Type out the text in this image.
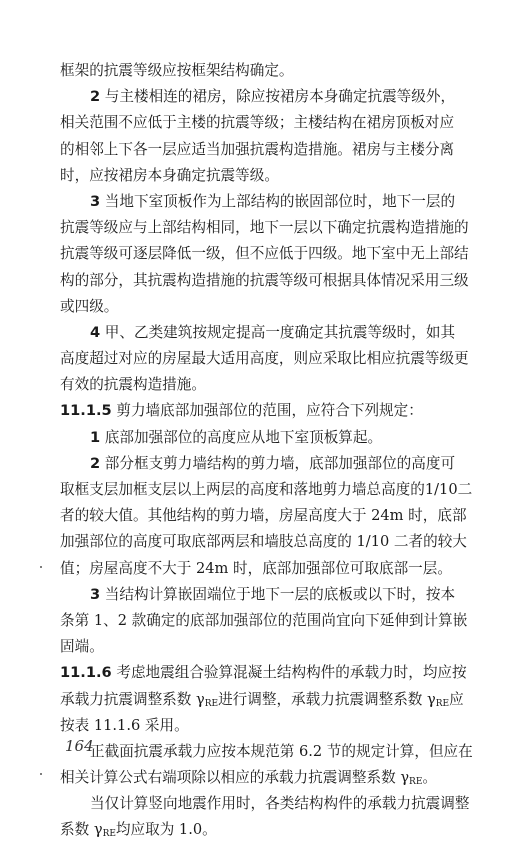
框架的抗震等级应按框架结构确定。
2 与主楼相连的裙房，除应按裙房本身确定抗震等级外，
相关范围不应低于主楼的抗震等级；主楼结构在裙房顶板对应
的相邻上下各一层应适当加强抗震构造措施。裙房与主楼分离
时，应按裙房本身确定抗震等级。
3 当地下室顶板作为上部结构的嵌固部位时，地下一层的
抗震等级应与上部结构相同，地下一层以下确定抗震构造措施的
抗震等级可逐层降低一级，但不应低于四级。地下室中无上部结
构的部分，其抗震构造措施的抗震等级可根据具体情况采用三级
或四级。
4 甲、乙类建筑按规定提高一度确定其抗震等级时，如其
高度超过对应的房屋最大适用高度，则应采取比相应抗震等级更
有效的抗震构造措施。
11.1.5 剪力墙底部加强部位的范围，应符合下列规定：
1 底部加强部位的高度应从地下室顶板算起。
2 部分框支剪力墙结构的剪力墙，底部加强部位的高度可
取框支层加框支层以上两层的高度和落地剪力墙总高度的1/10二
者的较大值。其他结构的剪力墙，房屋高度大于 24m 时，底部
加强部位的高度可取底部两层和墙肢总高度的 1/10 二者的较大
值；房屋高度不大于 24m 时，底部加强部位可取底部一层。
3 当结构计算嵌固端位于地下一层的底板或以下时，按本
条第 1、2 款确定的底部加强部位的范围尚宜向下延伸到计算嵌
固端。
11.1.6 考虑地震组合验算混凝土结构构件的承载力时，均应按
承载力抗震调整系数 $\gamma_{RE}$进行调整，承载力抗震调整系数 $\gamma_{RE}$应
按表 11.1.6 采用。
正截面抗震承载力应按本规范第 6.2 节的规定计算，但应在
相关计算公式右端项除以相应的承载力抗震调整系数 $\gamma_{RE}$。
当仅计算竖向地震作用时，各类结构构件的承载力抗震调整
系数 $\gamma_{RE}$均应取为 1.0。
164
